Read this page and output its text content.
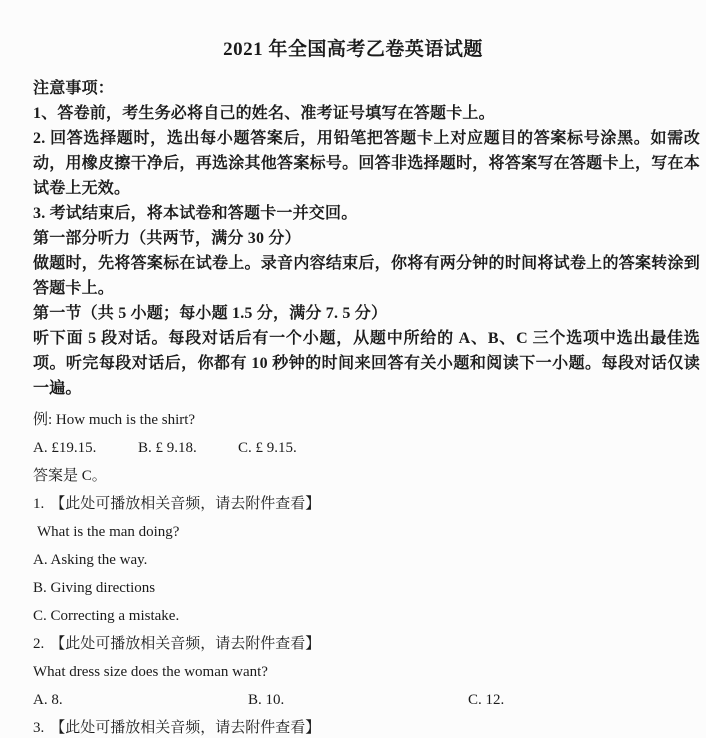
2021 年全国高考乙卷英语试题

注意事项：

1、答卷前，考生务必将自己的姓名、准考证号填写在答题卡上。

2. 回答选择题时，选出每小题答案后，用铅笔把答题卡上对应题目的答案标号涂黑。如需改动，用橡皮擦干净后，再选涂其他答案标号。回答非选择题时，将答案写在答题卡上，写在本试卷上无效。

3. 考试结束后，将本试卷和答题卡一并交回。

第一部分听力（共两节，满分 30 分）

做题时，先将答案标在试卷上。录音内容结束后，你将有两分钟的时间将试卷上的答案转涂到答题卡上。

第一节（共 5 小题；每小题 1.5 分，满分 7. 5 分）

听下面 5 段对话。每段对话后有一个小题，从题中所给的 A、B、C 三个选项中选出最佳选项。听完每段对话后，你都有 10 秒钟的时间来回答有关小题和阅读下一小题。每段对话仅读一遍。

例: How much is the shirt?

A. £19.15.	B. £ 9.18.	C. £ 9.15.

答案是 C。

1. 【此处可播放相关音频，请去附件查看】

What is the man doing?

A. Asking the way.

B. Giving directions

C. Correcting a mistake.

2. 【此处可播放相关音频，请去附件查看】

What dress size does the woman want?

A. 8.	B. 10.	C. 12.

3. 【此处可播放相关音频，请去附件查看】
